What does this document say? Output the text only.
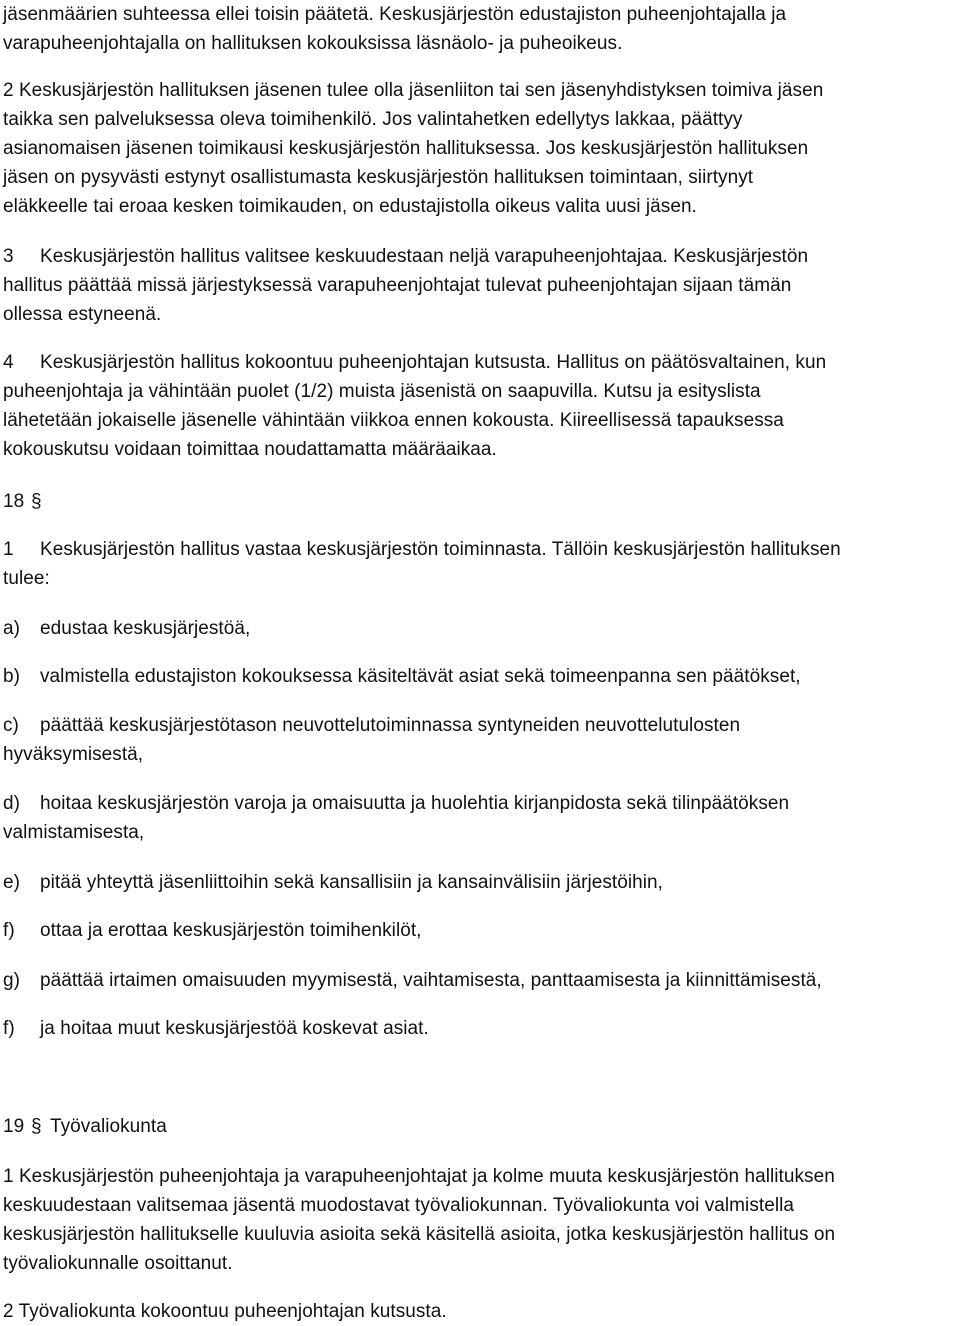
jäsenmäärien suhteessa ellei toisin päätetä. Keskusjärjestön edustajiston puheenjohtajalla ja

varapuheenjohtajalla on hallituksen kokouksissa läsnäolo- ja puheoikeus.

2 Keskusjärjestön hallituksen jäsenen tulee olla jäsenliiton tai sen jäsenyhdistyksen toimiva jäsen

taikka sen palveluksessa oleva toimihenkilö. Jos valintahetken edellytys lakkaa, päättyy

asianomaisen jäsenen toimikausi keskusjärjestön hallituksessa. Jos keskusjärjestön hallituksen

jäsen on pysyvästi estynyt osallistumasta keskusjärjestön hallituksen toimintaan, siirtynyt

eläkkeelle tai eroaa kesken toimikauden, on edustajistolla oikeus valita uusi jäsen.

3 Keskusjärjestön hallitus valitsee keskuudestaan neljä varapuheenjohtajaa. Keskusjärjestön

hallitus päättää missä järjestyksessä varapuheenjohtajat tulevat puheenjohtajan sijaan tämän

ollessa estyneenä.

4 Keskusjärjestön hallitus kokoontuu puheenjohtajan kutsusta. Hallitus on päätösvaltainen, kun

puheenjohtaja ja vähintään puolet (1/2) muista jäsenistä on saapuvilla. Kutsu ja esityslista

lähetetään jokaiselle jäsenelle vähintään viikkoa ennen kokousta. Kiireellisessä tapauksessa

kokouskutsu voidaan toimittaa noudattamatta määräaikaa.

18 §

1 Keskusjärjestön hallitus vastaa keskusjärjestön toiminnasta. Tällöin keskusjärjestön hallituksen

tulee:

a) edustaa keskusjärjestöä,

b) valmistella edustajiston kokouksessa käsiteltävät asiat sekä toimeenpanna sen päätökset,

c) päättää keskusjärjestötason neuvottelutoiminnassa syntyneiden neuvottelutulosten

hyväksymisestä,

d) hoitaa keskusjärjestön varoja ja omaisuutta ja huolehtia kirjanpidosta sekä tilinpäätöksen

valmistamisesta,

e) pitää yhteyttä jäsenliittoihin sekä kansallisiin ja kansainvälisiin järjestöihin,

f) ottaa ja erottaa keskusjärjestön toimihenkilöt,

g) päättää irtaimen omaisuuden myymisestä, vaihtamisesta, panttaamisesta ja kiinnittämisestä,

f) ja hoitaa muut keskusjärjestöä koskevat asiat.

19 § Työvaliokunta

1 Keskusjärjestön puheenjohtaja ja varapuheenjohtajat ja kolme muuta keskusjärjestön hallituksen

keskuudestaan valitsemaa jäsentä muodostavat työvaliokunnan. Työvaliokunta voi valmistella

keskusjärjestön hallitukselle kuuluvia asioita sekä käsitellä asioita, jotka keskusjärjestön hallitus on

työvaliokunnalle osoittanut.

2 Työvaliokunta kokoontuu puheenjohtajan kutsusta.
